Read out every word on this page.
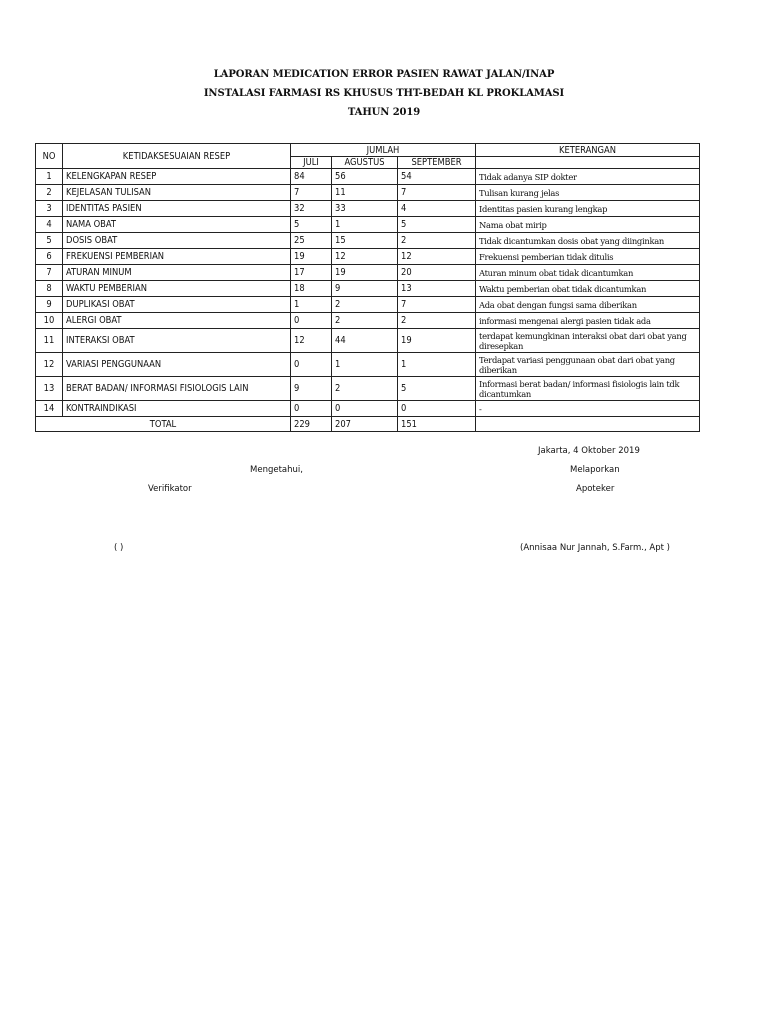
LAPORAN MEDICATION ERROR PASIEN RAWAT JALAN/INAP
INSTALASI FARMASI RS KHUSUS THT-BEDAH KL PROKLAMASI
TAHUN 2019
NO	KETIDAKSESUAIAN RESEP	JUMLAH			KETERANGAN
		JULI	AGUSTUS	SEPTEMBER	
1	KELENGKAPAN RESEP	84	56	54	Tidak adanya SIP dokter
2	KEJELASAN TULISAN	7	11	7	Tulisan kurang jelas
3	IDENTITAS PASIEN	32	33	4	Identitas pasien kurang lengkap
4	NAMA OBAT	5	1	5	Nama obat mirip
5	DOSIS OBAT	25	15	2	Tidak dicantumkan dosis obat yang diinginkan
6	FREKUENSI PEMBERIAN	19	12	12	Frekuensi pemberian tidak ditulis
7	ATURAN MINUM	17	19	20	Aturan minum obat tidak dicantumkan
8	WAKTU PEMBERIAN	18	9	13	Waktu pemberian obat tidak dicantumkan
9	DUPLIKASI OBAT	1	2	7	Ada obat dengan fungsi sama diberikan
10	ALERGI OBAT	0	2	2	informasi mengenai alergi pasien tidak ada
11	INTERAKSI OBAT	12	44	19	terdapat kemungkinan interaksi obat dari obat yang diresepkan
12	VARIASI PENGGUNAAN	0	1	1	Terdapat variasi penggunaan obat dari obat yang diberikan
13	BERAT BADAN/ INFORMASI FISIOLOGIS LAIN	9	2	5	Informasi berat badan/ informasi fisiologis lain tdk dicantumkan
14	KONTRAINDIKASI	0	0	0	-
TOTAL		229	207	151	
Jakarta, 4 Oktober 2019
Mengetahui,	Melaporkan
Verifikator	Apoteker
( )	(Annisaa Nur Jannah, S.Farm., Apt )
